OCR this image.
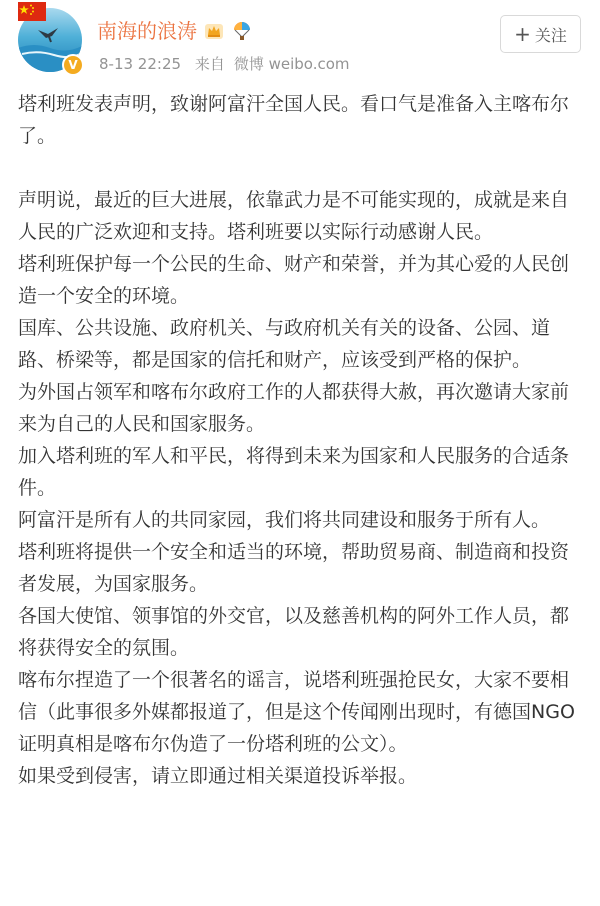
V
南海的浪涛
8-13 22:25 来自 微博 weibo.com
+ 关注
塔利班发表声明，致谢阿富汗全国人民。看口气是准备入主喀布尔了。
声明说，最近的巨大进展，依靠武力是不可能实现的，成就是来自人民的广泛欢迎和支持。塔利班要以实际行动感谢人民。
塔利班保护每一个公民的生命、财产和荣誉，并为其心爱的人民创造一个安全的环境。
国库、公共设施、政府机关、与政府机关有关的设备、公园、道路、桥梁等，都是国家的信托和财产，应该受到严格的保护。
为外国占领军和喀布尔政府工作的人都获得大赦，再次邀请大家前来为自己的人民和国家服务。
加入塔利班的军人和平民，将得到未来为国家和人民服务的合适条件。
阿富汗是所有人的共同家园，我们将共同建设和服务于所有人。
塔利班将提供一个安全和适当的环境，帮助贸易商、制造商和投资者发展，为国家服务。
各国大使馆、领事馆的外交官，以及慈善机构的阿外工作人员，都将获得安全的氛围。
喀布尔捏造了一个很著名的谣言，说塔利班强抢民女，大家不要相信（此事很多外媒都报道了，但是这个传闻刚出现时，有德国NGO证明真相是喀布尔伪造了一份塔利班的公文）。
如果受到侵害，请立即通过相关渠道投诉举报。
